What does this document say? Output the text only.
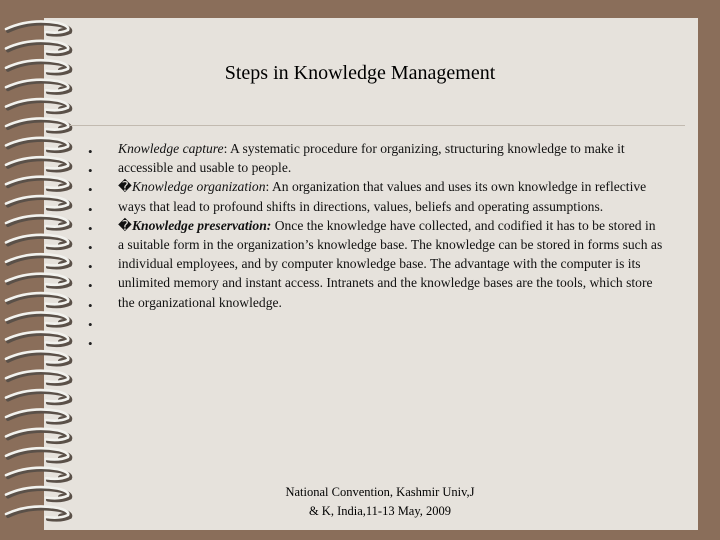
Steps in Knowledge Management
•
•
•
•
•
•
•
•
•
•
•

Knowledge capture: A systematic procedure for organizing, structuring knowledge to make it accessible and usable to people.

�Knowledge organization: An organization that values and uses its own knowledge in reflective ways that lead to profound shifts in directions, values, beliefs and operating assumptions.

�Knowledge preservation: Once the knowledge have collected, and codified it has to be stored in a suitable form in the organization’s knowledge base. The knowledge can be stored in forms such as individual employees, and by computer knowledge base. The advantage with the computer is its unlimited memory and instant access. Intranets and the knowledge bases are the tools, which store the organizational knowledge.

National Convention, Kashmir Univ,J
& K, India,11-13 May, 2009
